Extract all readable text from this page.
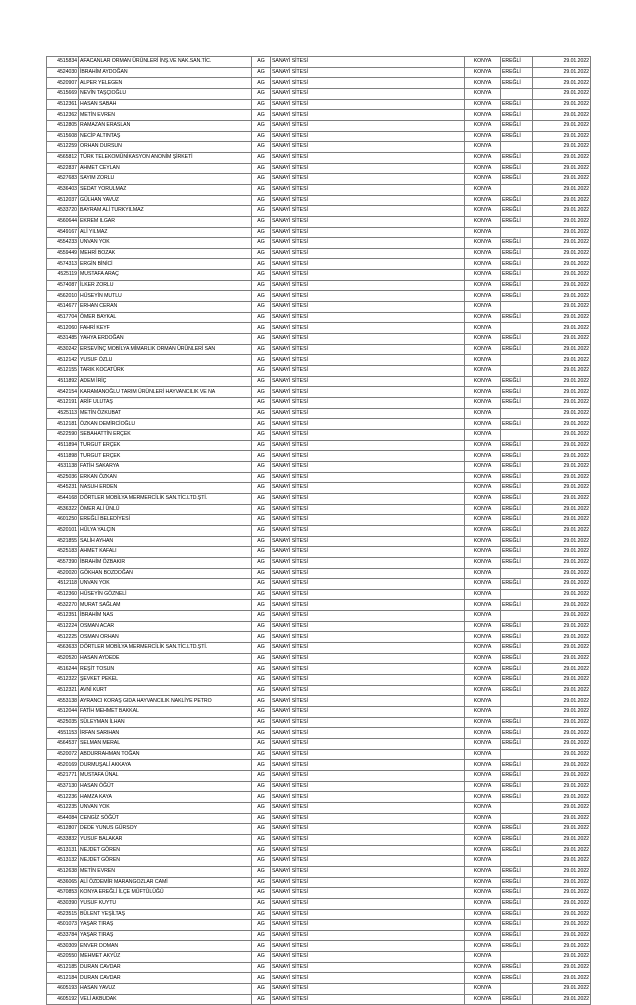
4515834	AFACANLAR ORMAN ÜRÜNLERİ İNŞ.VE NAK.SAN.TİC.	AG	SANAYİ SİTESİ	KONYA	EREĞLİ	29.01.2022
4524030	İBRAHİM AYDOĞAN	AG	SANAYİ SİTESİ	KONYA	EREĞLİ	29.01.2022
4520907	ALPER YELEGEN	AG	SANAYİ SİTESİ	KONYA	EREĞLİ	29.01.2022
4515669	NEVİN TAŞÇIOĞLU	AG	SANAYİ SİTESİ	KONYA		29.01.2022
4512361	HASAN SABAH	AG	SANAYİ SİTESİ	KONYA	EREĞLİ	29.01.2022
4512362	METİN EVREN	AG	SANAYİ SİTESİ	KONYA	EREĞLİ	29.01.2022
4512805	RAMAZAN ERASLAN	AG	SANAYİ SİTESİ	KONYA	EREĞLİ	29.01.2022
4515608	NECİP ALTINTAŞ	AG	SANAYİ SİTESİ	KONYA	EREĞLİ	29.01.2022
4512259	ORHAN DURSUN	AG	SANAYİ SİTESİ	KONYA		29.01.2022
4565812	TÜRK TELEKOMÜNİKASYON ANONİM ŞİRKETİ	AG	SANAYİ SİTESİ	KONYA	EREĞLİ	29.01.2022
4522837	AHMET CEYLAN	AG	SANAYİ SİTESİ	KONYA	EREĞLİ	29.01.2022
4527683	SAYIM ZORLU	AG	SANAYİ SİTESİ	KONYA	EREĞLİ	29.01.2022
4536403	SEDAT YORULMAZ	AG	SANAYİ SİTESİ	KONYA		29.01.2022
4512037	GÜLHAN YAVUZ	AG	SANAYİ SİTESİ	KONYA	EREĞLİ	29.01.2022
4533720	BAYRAM ALİ TURKYILMAZ	AG	SANAYİ SİTESİ	KONYA	EREĞLİ	29.01.2022
4560644	EKREM ILGAR	AG	SANAYİ SİTESİ	KONYA	EREĞLİ	29.01.2022
4549167	ALİ YILMAZ	AG	SANAYİ SİTESİ	KONYA		29.01.2022
4554233	UNVAN YOK	AG	SANAYİ SİTESİ	KONYA	EREĞLİ	29.01.2022
4559449	MEHRİ BOZAK	AG	SANAYİ SİTESİ	KONYA	EREĞLİ	29.01.2022
4574313	ERGİN BİNİCİ	AG	SANAYİ SİTESİ	KONYA	EREĞLİ	29.01.2022
4525119	MUSTAFA ARAÇ	AG	SANAYİ SİTESİ	KONYA	EREĞLİ	29.01.2022
4574087	İLKER ZORLU	AG	SANAYİ SİTESİ	KONYA	EREĞLİ	29.01.2022
4562010	HÜSEYİN MUTLU	AG	SANAYİ SİTESİ	KONYA	EREĞLİ	29.01.2022
4514677	ERHAN CERAN	AG	SANAYİ SİTESİ	KONYA		29.01.2022
4517704	ÖMER BAYKAL	AG	SANAYİ SİTESİ	KONYA	EREĞLİ	29.01.2022
4512060	FAHRİ KEYF	AG	SANAYİ SİTESİ	KONYA		29.01.2022
4531485	YAHYA ERDOĞAN	AG	SANAYİ SİTESİ	KONYA	EREĞLİ	29.01.2022
4530242	ERSEVİNÇ MOBİLYA MİMARLIK ORMAN ÜRÜNLERİ SAN	AG	SANAYİ SİTESİ	KONYA	EREĞLİ	29.01.2022
4512142	YUSUF ÖZLU	AG	SANAYİ SİTESİ	KONYA		29.01.2022
4512155	TARIK KOCATÜRK	AG	SANAYİ SİTESİ	KONYA		29.01.2022
4511892	ADEM İRİÇ	AG	SANAYİ SİTESİ	KONYA	EREĞLİ	29.01.2022
4542154	KARAMANOĞLU TARIM ÜRÜNLERİ HAYVANCILIK VE NA	AG	SANAYİ SİTESİ	KONYA	EREĞLİ	29.01.2022
4512191	ARİF ULUTAŞ	AG	SANAYİ SİTESİ	KONYA	EREĞLİ	29.01.2022
4525113	METİN ÖZKUBAT	AG	SANAYİ SİTESİ	KONYA		29.01.2022
4512181	ÖZKAN DEMİRCİOĞLU	AG	SANAYİ SİTESİ	KONYA	EREĞLİ	29.01.2022
4522590	SEBAHATTİN ERÇEK	AG	SANAYİ SİTESİ	KONYA		29.01.2022
4511894	TURGUT ERÇEK	AG	SANAYİ SİTESİ	KONYA	EREĞLİ	29.01.2022
4511898	TURGUT ERÇEK	AG	SANAYİ SİTESİ	KONYA	EREĞLİ	29.01.2022
4531138	FATİH SAKARYA	AG	SANAYİ SİTESİ	KONYA	EREĞLİ	29.01.2022
4525036	ERKAN ÖZKAN	AG	SANAYİ SİTESİ	KONYA	EREĞLİ	29.01.2022
4545231	NASUH ERDEN	AG	SANAYİ SİTESİ	KONYA	EREĞLİ	29.01.2022
4544168	DÖRTLER MOBİLYA MERMERCİLİK SAN.TİC.LTD.ŞTİ.	AG	SANAYİ SİTESİ	KONYA	EREĞLİ	29.01.2022
4536322	ÖMER ALİ ÜNLÜ	AG	SANAYİ SİTESİ	KONYA	EREĞLİ	29.01.2022
4601250	EREĞLİ BELEDİYESİ	AG	SANAYİ SİTESİ	KONYA	EREĞLİ	29.01.2022
4520101	HÜLYA YALÇIN	AG	SANAYİ SİTESİ	KONYA	EREĞLİ	29.01.2022
4521855	SALİH AYHAN	AG	SANAYİ SİTESİ	KONYA	EREĞLİ	29.01.2022
4525183	AHMET KAFALI	AG	SANAYİ SİTESİ	KONYA	EREĞLİ	29.01.2022
4557390	İBRAHİM ÖZBAKIR	AG	SANAYİ SİTESİ	KONYA	EREĞLİ	29.01.2022
4520020	GÖKHAN BOZDOĞAN	AG	SANAYİ SİTESİ	KONYA		29.01.2022
4512118	UNVAN YOK	AG	SANAYİ SİTESİ	KONYA	EREĞLİ	29.01.2022
4512360	HÜSEYİN GÖZNELİ	AG	SANAYİ SİTESİ	KONYA		29.01.2022
4532270	MURAT SAĞLAM	AG	SANAYİ SİTESİ	KONYA	EREĞLİ	29.01.2022
4512351	İBRAHİM NAS	AG	SANAYİ SİTESİ	KONYA		29.01.2022
4512224	OSMAN ACAR	AG	SANAYİ SİTESİ	KONYA	EREĞLİ	29.01.2022
4512225	OSMAN ORHAN	AG	SANAYİ SİTESİ	KONYA	EREĞLİ	29.01.2022
4563633	DÖRTLER MOBİLYA MERMERCİLİK SAN.TİC.LTD.ŞTİ.	AG	SANAYİ SİTESİ	KONYA	EREĞLİ	29.01.2022
4520520	HASAN AYDEDE	AG	SANAYİ SİTESİ	KONYA	EREĞLİ	29.01.2022
4516244	REŞİT TOSUN	AG	SANAYİ SİTESİ	KONYA	EREĞLİ	29.01.2022
4512322	ŞEVKET PEKEL	AG	SANAYİ SİTESİ	KONYA	EREĞLİ	29.01.2022
4512321	AVNİ KURT	AG	SANAYİ SİTESİ	KONYA	EREĞLİ	29.01.2022
4553138	AYRANCI KORAŞ GIDA HAYVANCILIK NAKLİYE PETRO	AG	SANAYİ SİTESİ	KONYA		29.01.2022
4512044	FATİH MEHMET BAKKAL	AG	SANAYİ SİTESİ	KONYA		29.01.2022
4525035	SÜLEYMAN İLHAN	AG	SANAYİ SİTESİ	KONYA	EREĞLİ	29.01.2022
4551153	İRFAN SARIHAN	AG	SANAYİ SİTESİ	KONYA	EREĞLİ	29.01.2022
4564537	SELMAN MERAL	AG	SANAYİ SİTESİ	KONYA	EREĞLİ	29.01.2022
4520072	ABDURRAHMAN TOĞAN	AG	SANAYİ SİTESİ	KONYA		29.01.2022
4520169	DURMUŞALİ AKKAYA	AG	SANAYİ SİTESİ	KONYA	EREĞLİ	29.01.2022
4521771	MUSTAFA ÜNAL	AG	SANAYİ SİTESİ	KONYA	EREĞLİ	29.01.2022
4537130	HASAN ÖĞÜT	AG	SANAYİ SİTESİ	KONYA	EREĞLİ	29.01.2022
4512236	HAMZA KAYA	AG	SANAYİ SİTESİ	KONYA	EREĞLİ	29.01.2022
4512235	UNVAN YOK	AG	SANAYİ SİTESİ	KONYA		29.01.2022
4544084	CENGİZ SÖĞÜT	AG	SANAYİ SİTESİ	KONYA		29.01.2022
4512807	DEDE YUNUS GÜRSOY	AG	SANAYİ SİTESİ	KONYA	EREĞLİ	29.01.2022
4533832	YUSUF BALAKAR	AG	SANAYİ SİTESİ	KONYA	EREĞLİ	29.01.2022
4513131	NEJDET GÖREN	AG	SANAYİ SİTESİ	KONYA	EREĞLİ	29.01.2022
4513132	NEJDET GÖREN	AG	SANAYİ SİTESİ	KONYA		29.01.2022
4512638	METİN EVREN	AG	SANAYİ SİTESİ	KONYA	EREĞLİ	29.01.2022
4536065	ALİ ÖZDEMİR MARANGOZLAR CAMİ	AG	SANAYİ SİTESİ	KONYA	EREĞLİ	29.01.2022
4570853	KONYA EREĞLİ İLÇE MÜFTÜLÜĞÜ	AG	SANAYİ SİTESİ	KONYA	EREĞLİ	29.01.2022
4530390	YUSUF KUYTU	AG	SANAYİ SİTESİ	KONYA	EREĞLİ	29.01.2022
4523515	BÜLENT YEŞİLTAŞ	AG	SANAYİ SİTESİ	KONYA	EREĞLİ	29.01.2022
4501073	YAŞAR TIRAŞ	AG	SANAYİ SİTESİ	KONYA	EREĞLİ	29.01.2022
4533784	YAŞAR TIRAŞ	AG	SANAYİ SİTESİ	KONYA	EREĞLİ	29.01.2022
4530309	ENVER DOMAN	AG	SANAYİ SİTESİ	KONYA	EREĞLİ	29.01.2022
4520550	MEHMET AKYÜZ	AG	SANAYİ SİTESİ	KONYA		29.01.2022
4512185	DURAN CAVDAR	AG	SANAYİ SİTESİ	KONYA	EREĞLİ	29.01.2022
4512184	DURAN CAVDAR	AG	SANAYİ SİTESİ	KONYA	EREĞLİ	29.01.2022
4605193	HASAN YAVUZ	AG	SANAYİ SİTESİ	KONYA		29.01.2022
4605192	VELİ AKBUDAK	AG	SANAYİ SİTESİ	KONYA	EREĞLİ	29.01.2022
